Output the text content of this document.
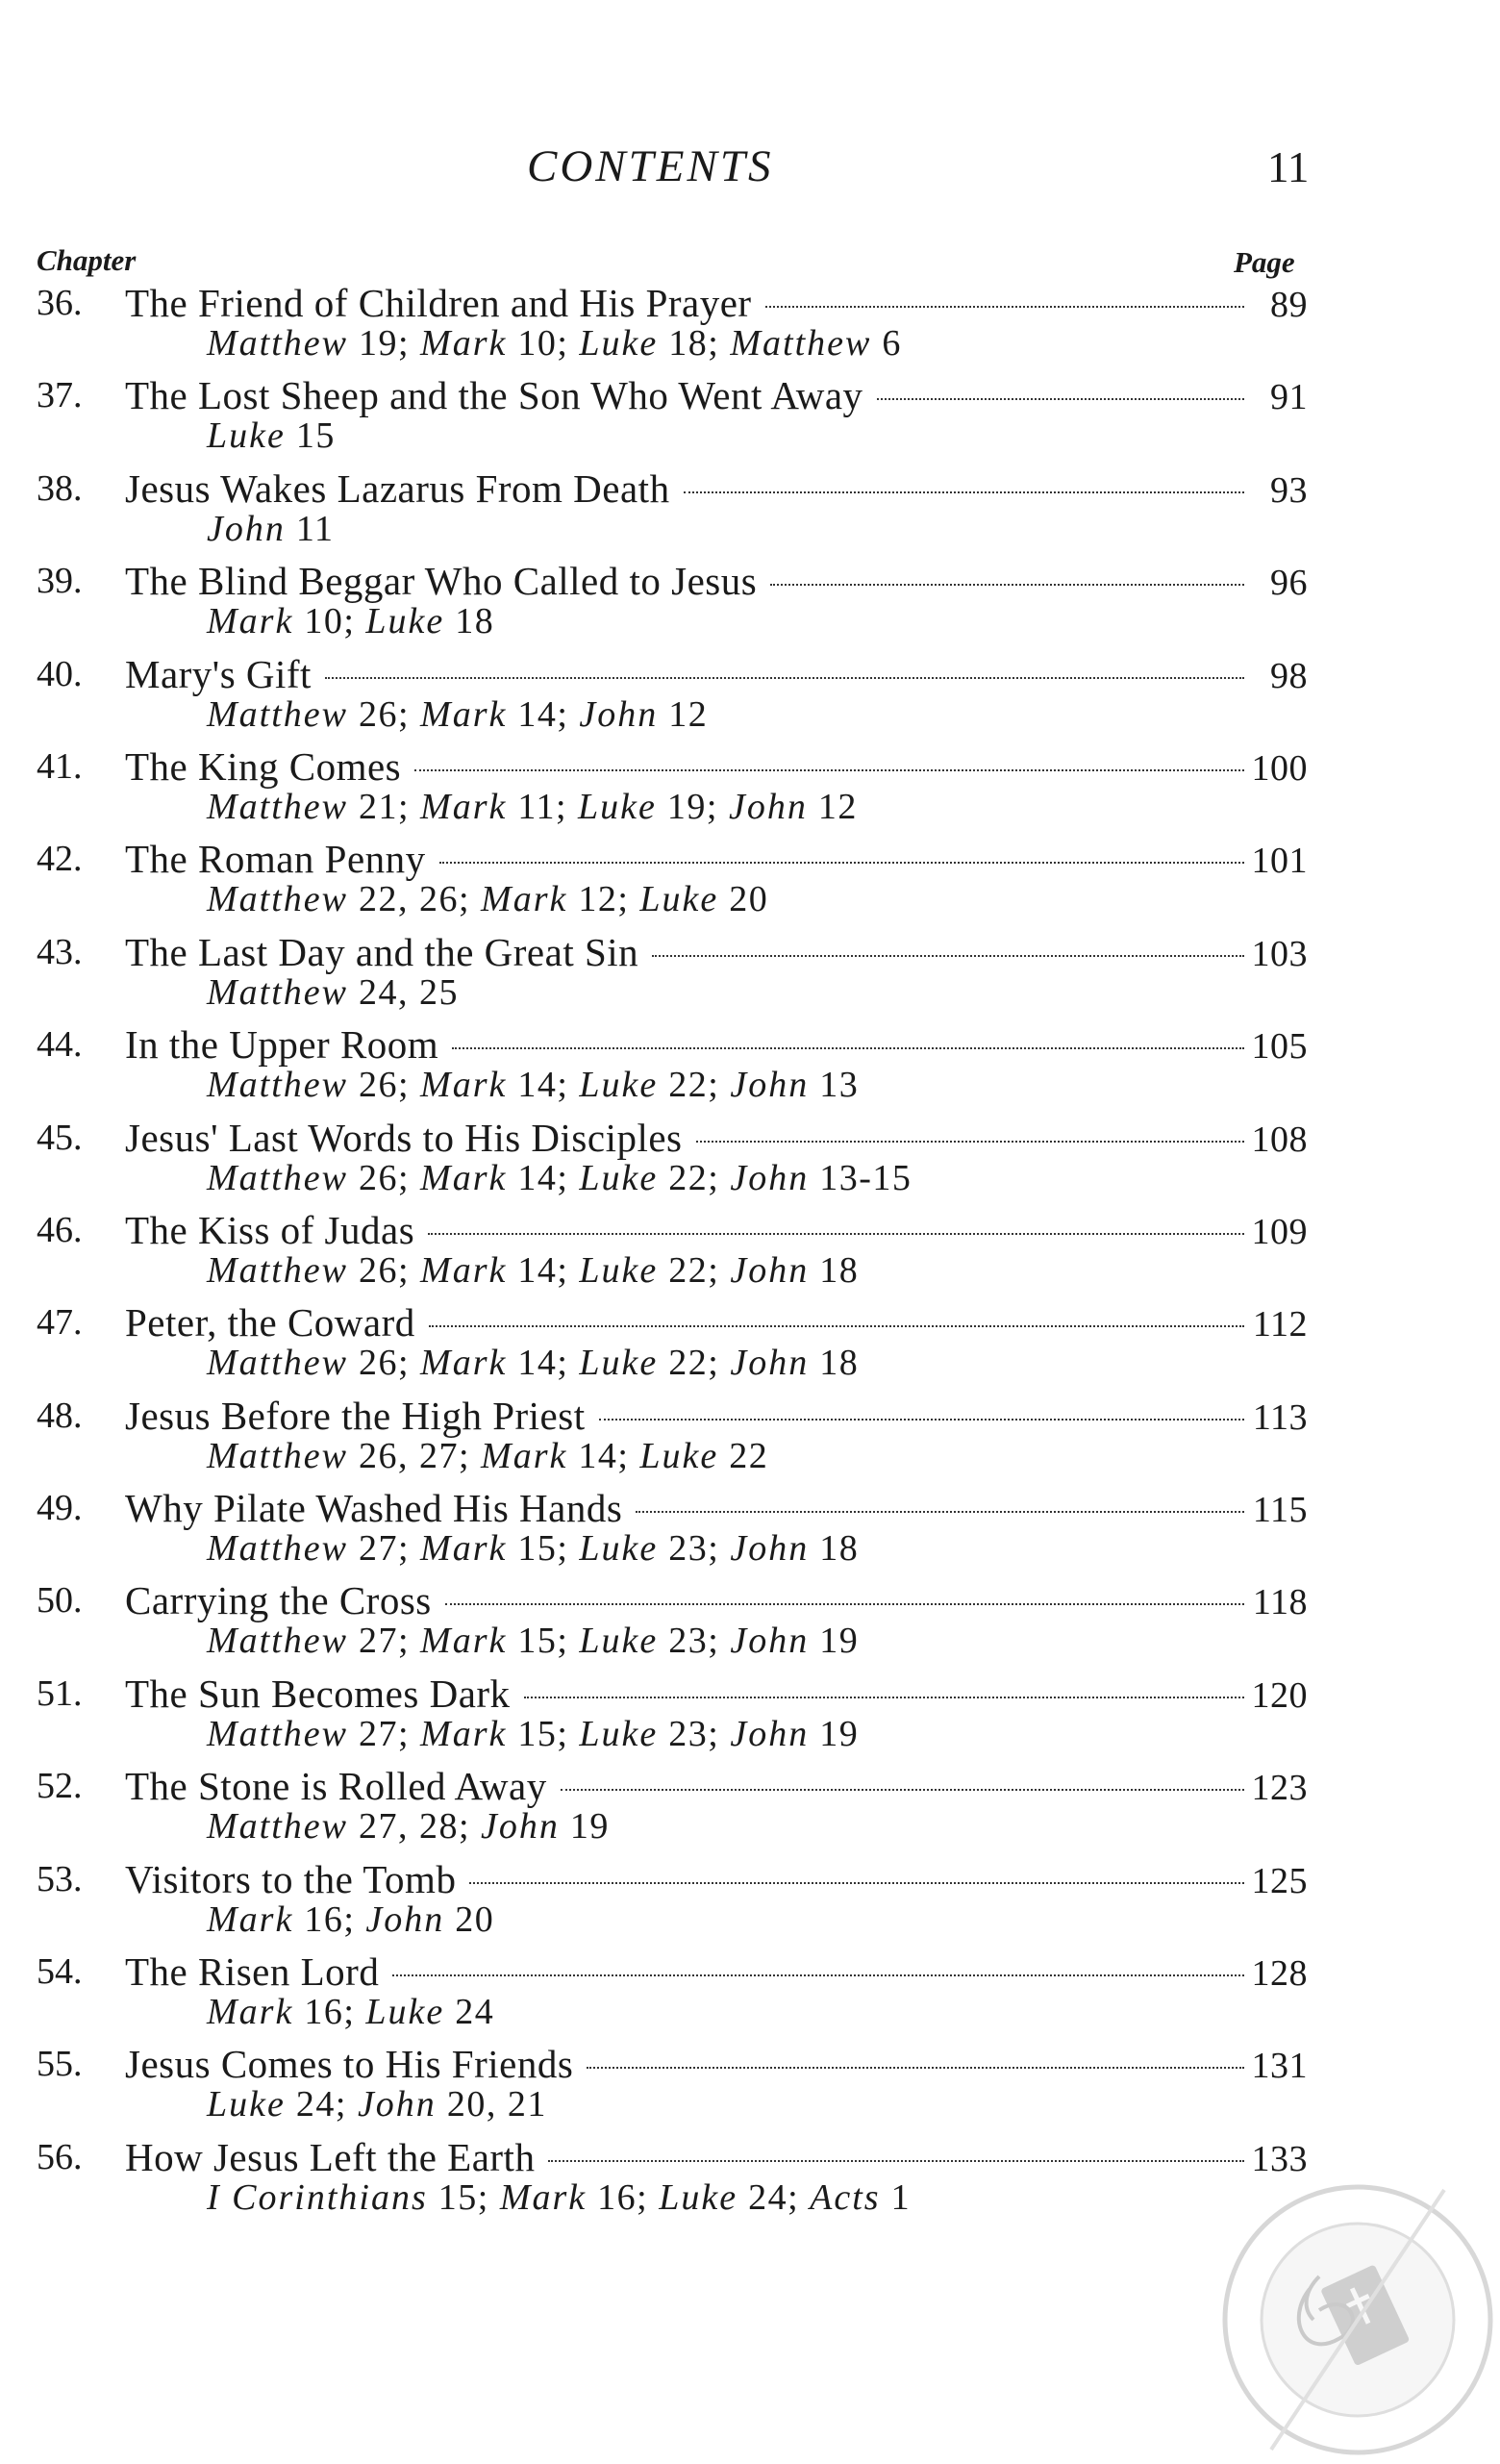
CONTENTS	11
Chapter	Page
36. The Friend of Children and His Prayer	89
Matthew 19; Mark 10; Luke 18; Matthew 6
37. The Lost Sheep and the Son Who Went Away	91
Luke 15
38. Jesus Wakes Lazarus From Death	93
John 11
39. The Blind Beggar Who Called to Jesus	96
Mark 10; Luke 18
40. Mary's Gift	98
Matthew 26; Mark 14; John 12
41. The King Comes	100
Matthew 21; Mark 11; Luke 19; John 12
42. The Roman Penny	101
Matthew 22, 26; Mark 12; Luke 20
43. The Last Day and the Great Sin	103
Matthew 24, 25
44. In the Upper Room	105
Matthew 26; Mark 14; Luke 22; John 13
45. Jesus' Last Words to His Disciples	108
Matthew 26; Mark 14; Luke 22; John 13-15
46. The Kiss of Judas	109
Matthew 26; Mark 14; Luke 22; John 18
47. Peter, the Coward	112
Matthew 26; Mark 14; Luke 22; John 18
48. Jesus Before the High Priest	113
Matthew 26, 27; Mark 14; Luke 22
49. Why Pilate Washed His Hands	115
Matthew 27; Mark 15; Luke 23; John 18
50. Carrying the Cross	118
Matthew 27; Mark 15; Luke 23; John 19
51. The Sun Becomes Dark	120
Matthew 27; Mark 15; Luke 23; John 19
52. The Stone is Rolled Away	123
Matthew 27, 28; John 19
53. Visitors to the Tomb	125
Mark 16; John 20
54. The Risen Lord	128
Mark 16; Luke 24
55. Jesus Comes to His Friends	131
Luke 24; John 20, 21
56. How Jesus Left the Earth	133
I Corinthians 15; Mark 16; Luke 24; Acts 1
